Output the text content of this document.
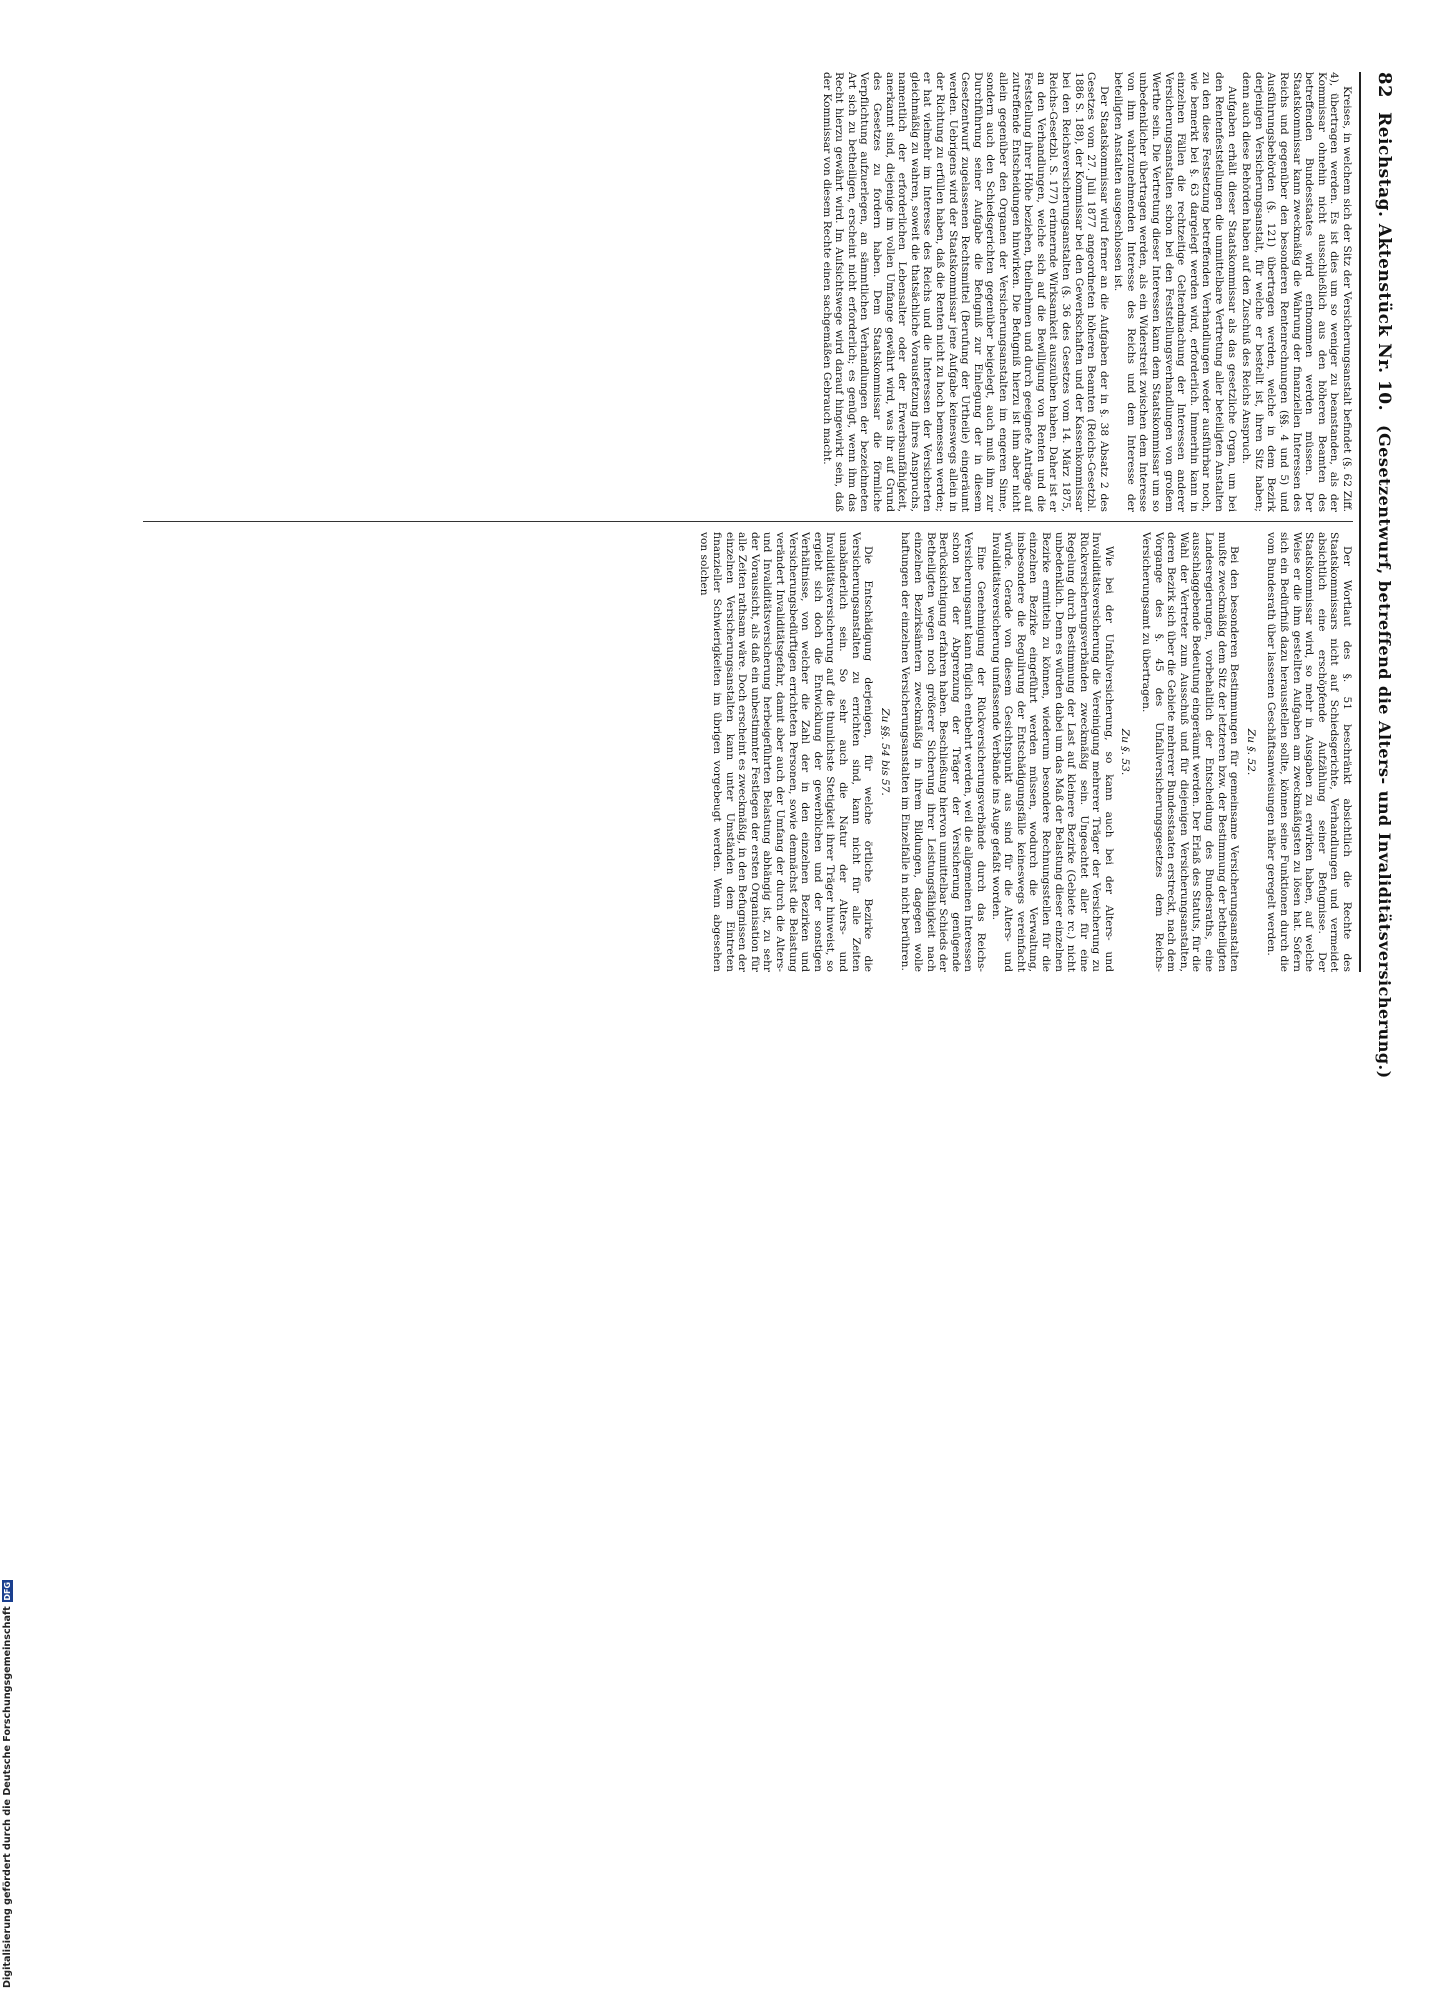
82
Reichstag. Aktenstück Nr. 10.
(Gesetzentwurf, betreffend die Alters- und Invaliditätsversicherung.)

Kreises, in welchem sich der Sitz der Versicherungsanstalt befindet (§. 62 Ziff. 4), übertragen werden. Es ist dies um so weniger zu beanstanden, als der Kommissar ohnehin nicht ausschließlich aus den höheren Beamten des betreffenden Bundesstaates wird entnommen werden müssen. Der Staatskommissar kann zweckmäßig die Wahrung der finanziellen Interessen des Reichs und gegenüber den besonderen Rentenrechnungen (§§. 4 und 5) und Ausführungsbehörden (§. 121) übertragen werden, welche in dem Bezirk derjenigen Versicherungsanstalt, für welche er bestellt ist, ihren Sitz haben; denn auch diese Behörden haben auf den Zuschuß des Reichs Anspruch.

Aufgaben erhält dieser Staatskommissar als das gesetzliche Organ, um bei den Rentenfeststellungen die unmittelbare Vertretung aller beteiligten Anstalten zu den diese Festsetzung betreffenden Verhandlungen weder ausführbar noch, wie bemerkt bei §. 63 dargelegt werden wird, erforderlich. Immerhin kann in einzelnen Fällen die rechtzeitige Geltendmachung der Interessen anderer Versicherungsanstalten schon bei den Feststellungsverhandlungen von großem Werthe sein. Die Vertretung dieser Interessen kann dem Staatskommissar um so unbedenklicher übertragen werden, als ein Widerstreit zwischen dem Interesse von ihm wahrzunehmenden Interesse des Reichs und dem Interesse der beteiligten Anstalten ausgeschlossen ist.

Der Staatskommissar wird ferner an die Aufgaben der in §. 38 Absatz 2 des Gesetzes vom 27. Juli 1877 angeordneten höheren Beamten (Reichs-Gesetzbl. 1886 S. 188), der Kommissar bei den Gewerkschaften und der Kassenkommissar bei den Reichsversicherungsanstalten (§. 36 des Gesetzes vom 14. März 1875, Reichs-Gesetzbl. S. 177) erinnernde Wirksamkeit auszuüben haben. Daher ist er an den Verhandlungen, welche sich auf die Bewilligung von Renten und die Feststellung ihrer Höhe beziehen, theilnehmen und durch geeignete Anträge auf zutreffende Entscheidungen hinwirken. Die Befugniß hierzu ist ihm aber nicht allein gegenüber den Organen der Versicherungsanstalten im engeren Sinne, sondern auch den Schiedsgerichten gegenüber beigelegt, auch muß ihm zur Durchführung seiner Aufgabe die Befugniß zur Einlegung der in diesem Gesetzentwurf zugelassenen Rechtsmittel (Berufung der Urtheile) eingeräumt werden. Uebrigens wird der Staatskommissar jene Aufgabe keineswegs allein in der Richtung zu erfüllen haben, daß die Renten nicht zu hoch bemessen werden; er hat vielmehr im Interesse des Reichs und die Interessen der Versicherten gleichmäßig zu wahren, soweit die thatsächliche Vorausfetzung ihres Anspruchs, namentlich der erforderlichen Lebensalter oder der Erwerbsunfähigkeit, anerkannt sind, diejenige im vollen Umfange gewährt wird, was ihr auf Grund des Gesetzes zu fordern haben. Dem Staatskommissar die förmliche Verpflichtung aufzuerlegen, an sämmtlichen Verhandlungen der bezeichneten Art sich zu betheiligen, erscheint nicht erforderlich; es genügt, wenn ihm das Recht hierzu gewährt wird. Im Aufsichtswege wird darauf hingewirkt sein, daß der Kommissar von diesem Rechte einen sachgemäßen Gebrauch macht.

Der Wortlaut des §. 51 beschränkt absichtlich die Rechte des Staatskommissars nicht auf Schiedsgerichte, Verhandlungen und vermeidet absichtlich eine erschöpfende Aufzählung seiner Befugnisse. Der Staatskommissar wird, so mehr in Ausgaben zu erwirken haben, auf welche Weise er die ihm gestellten Aufgaben am zweckmäßigsten zu lösen hat. Sofern sich ein Bedürfniß dazu herausstellen sollte, können seine Funktionen durch die vom Bundesrath über lassenen Geschäftsanweisungen näher geregelt werden.

Zu §. 52.

Bei den besonderen Bestimmungen für gemeinsame Versicherungsanstalten mußte zweckmäßig dem Sitz der letzteren bzw. der Bestimmung der betheiligten Landesregierungen, vorbehaltlich der Entscheidung des Bundesraths, eine ausschlaggebende Bedeutung eingeräumt werden. Der Erlaß des Statuts, für die Wahl der Vertreter zum Ausschuß und für diejenigen Versicherungsanstalten, deren Bezirk sich über die Gebiete mehrerer Bundesstaaten erstreckt, nach dem Vorgange des §. 45 des Unfallversicherungsgesetzes dem Reichs-Versicherungsamt zu übertragen.

Zu §. 53.

Wie bei der Unfallversicherung, so kann auch bei der Alters- und Invaliditätsversicherung die Vereinigung mehrerer Träger der Versicherung zu Rückversicherungsverbänden zweckmäßig sein. Ungeachtet aller für eine Regelung durch Bestimmung der Last auf kleinere Bezirke (Gebiete rc.) nicht unbedenklich. Denn es würden dabei um das Maß der Belastung dieser einzelnen Bezirke ermitteln zu können, wiederum besondere Rechnungsstellen für die einzelnen Bezirke eingeführt werden müssen, wodurch die Verwaltung, insbesondere die Regulirung der Entschädigungsfälle keineswegs vereinfacht würde. Gerade von diesem Gesichtspunkt aus sind für die Alters- und Invaliditätsversicherung umfassende Verbände ins Auge gefaßt worden.

Eine Genehmigung der Rückversicherungsverbände durch das Reichs-Versicherungsamt kann füglich entbehrt werden, weil die allgemeinen Interessen schon bei der Abgrenzung der Träger der Versicherung genügende Berücksichtigung erfahren haben. Beschließung hiervon unmittelbar Schieds der Betheiligten wegen noch größerer Sicherung ihrer Leistungsfähigkeit nach einzelnen Bezirksämtern zweckmäßig in ihrem Bildungen, dagegen wolle haftungen der einzelnen Versicherungsanstalten im Einzelfalle in nicht berühren.

Zu §§. 54 bis 57.

Die Entschädigung derjenigen, für welche örtliche Bezirke die Versicherungsanstalten zu errichten sind, kann nicht für alle Zeiten unabänderlich sein. So sehr auch die Natur der Alters- und Invaliditätsversicherung auf die thunlichste Stetigkeit ihrer Träger hinweist, so ergiebt sich doch die Entwicklung der gewerblichen und der sonstigen Verhältnisse, von welcher die Zahl der in den einzelnen Bezirken und Versicherungsbedürftigen errichteten Personen, sowie demnächst die Belastung verändert Invaliditätsgefahr, damit aber auch der Umfang der durch die Alters- und Invaliditätsversicherung herbeigeführten Belastung abhängig ist, zu sehr der Voraussicht, als daß ein unbestimmter Festlegen der ersten Organisation für alle Zeiten rathsam wäre. Doch erscheint es zweckmäßig, in den Befugnissen der einzelnen Versicherungsanstalten kann unter Umständen dem Eintreten finanzieller Schwierigkeiten im übrigen vorgebeugt werden. Wenn abgesehen von solchen

Digitalisierung gefördert durch die Deutsche Forschungsgemeinschaft
DFG
